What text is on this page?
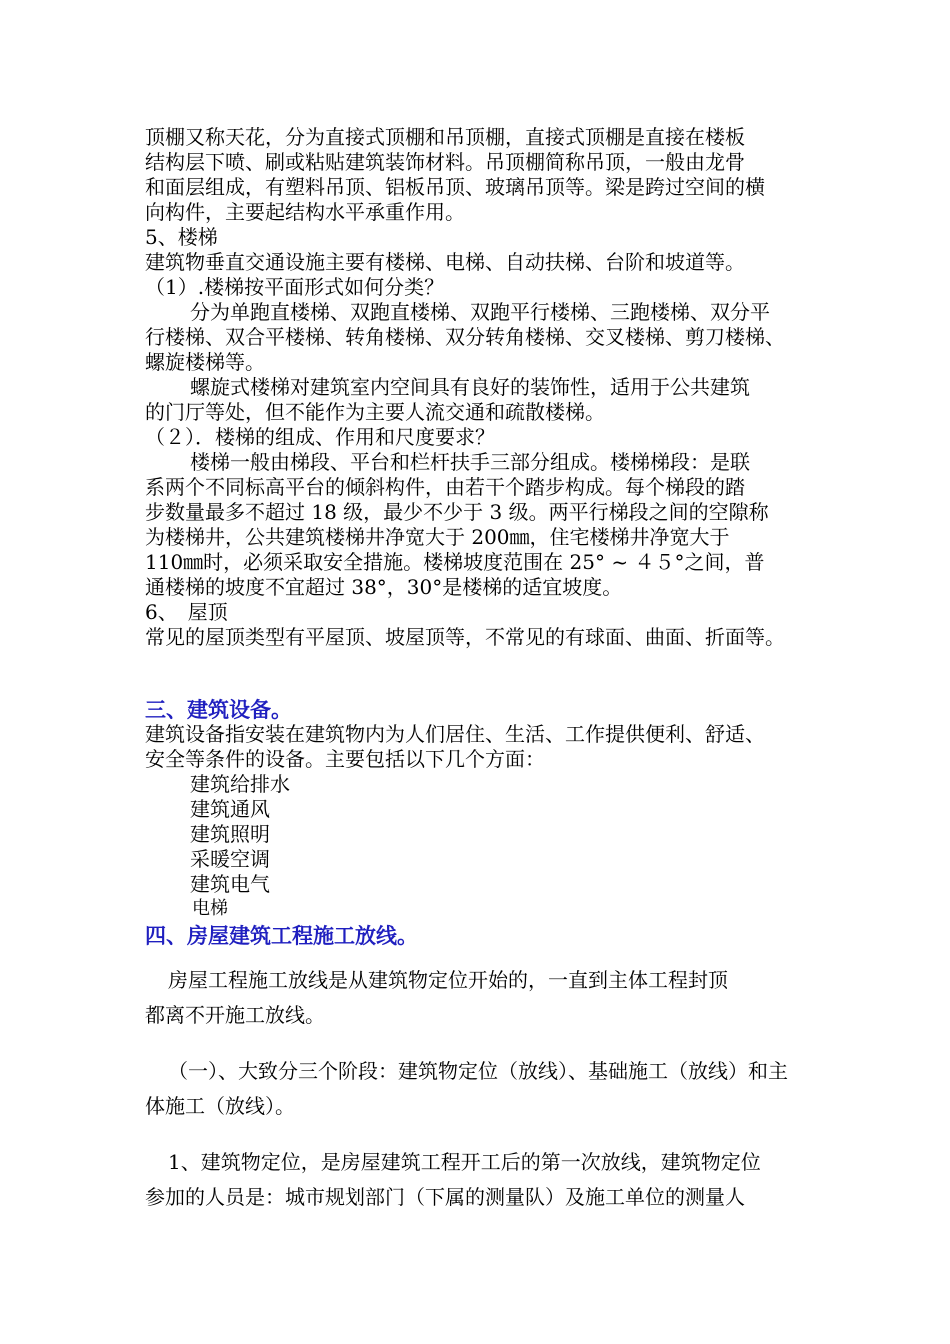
顶棚又称天花，分为直接式顶棚和吊顶棚，直接式顶棚是直接在楼板
结构层下喷、刷或粘贴建筑装饰材料。吊顶棚简称吊顶，一般由龙骨
和面层组成，有塑料吊顶、铝板吊顶、玻璃吊顶等。梁是跨过空间的横
向构件，主要起结构水平承重作用。
5、楼梯
建筑物垂直交通设施主要有楼梯、电梯、自动扶梯、台阶和坡道等。
（1）.楼梯按平面形式如何分类？
分为单跑直楼梯、双跑直楼梯、双跑平行楼梯、三跑楼梯、双分平
行楼梯、双合平楼梯、转角楼梯、双分转角楼梯、交叉楼梯、剪刀楼梯、
螺旋楼梯等。
螺旋式楼梯对建筑室内空间具有良好的装饰性，适用于公共建筑
的门厅等处，但不能作为主要人流交通和疏散楼梯。
（２）．楼梯的组成、作用和尺度要求？
楼梯一般由梯段、平台和栏杆扶手三部分组成。楼梯梯段：是联
系两个不同标高平台的倾斜构件，由若干个踏步构成。每个梯段的踏
步数量最多不超过 18 级，最少不少于 3 级。两平行梯段之间的空隙称
为楼梯井，公共建筑楼梯井净宽大于 200㎜，住宅楼梯井净宽大于
110㎜时，必须采取安全措施。楼梯坡度范围在 25° ~ ４５°之间，普
通楼梯的坡度不宜超过 38°，30°是楼梯的适宜坡度。
6、　屋顶
常见的屋顶类型有平屋顶、坡屋顶等，不常见的有球面、曲面、折面等。
三、建筑设备。
建筑设备指安装在建筑物内为人们居住、生活、工作提供便利、舒适、
安全等条件的设备。主要包括以下几个方面：
建筑给排水
建筑通风
建筑照明
采暖空调
建筑电气
电梯
四、房屋建筑工程施工放线。
房屋工程施工放线是从建筑物定位开始的，一直到主体工程封顶
都离不开施工放线。
（一）、大致分三个阶段：建筑物定位（放线）、基础施工（放线）和主
体施工（放线）。
1、建筑物定位，是房屋建筑工程开工后的第一次放线，建筑物定位
参加的人员是：城市规划部门（下属的测量队）及施工单位的测量人
